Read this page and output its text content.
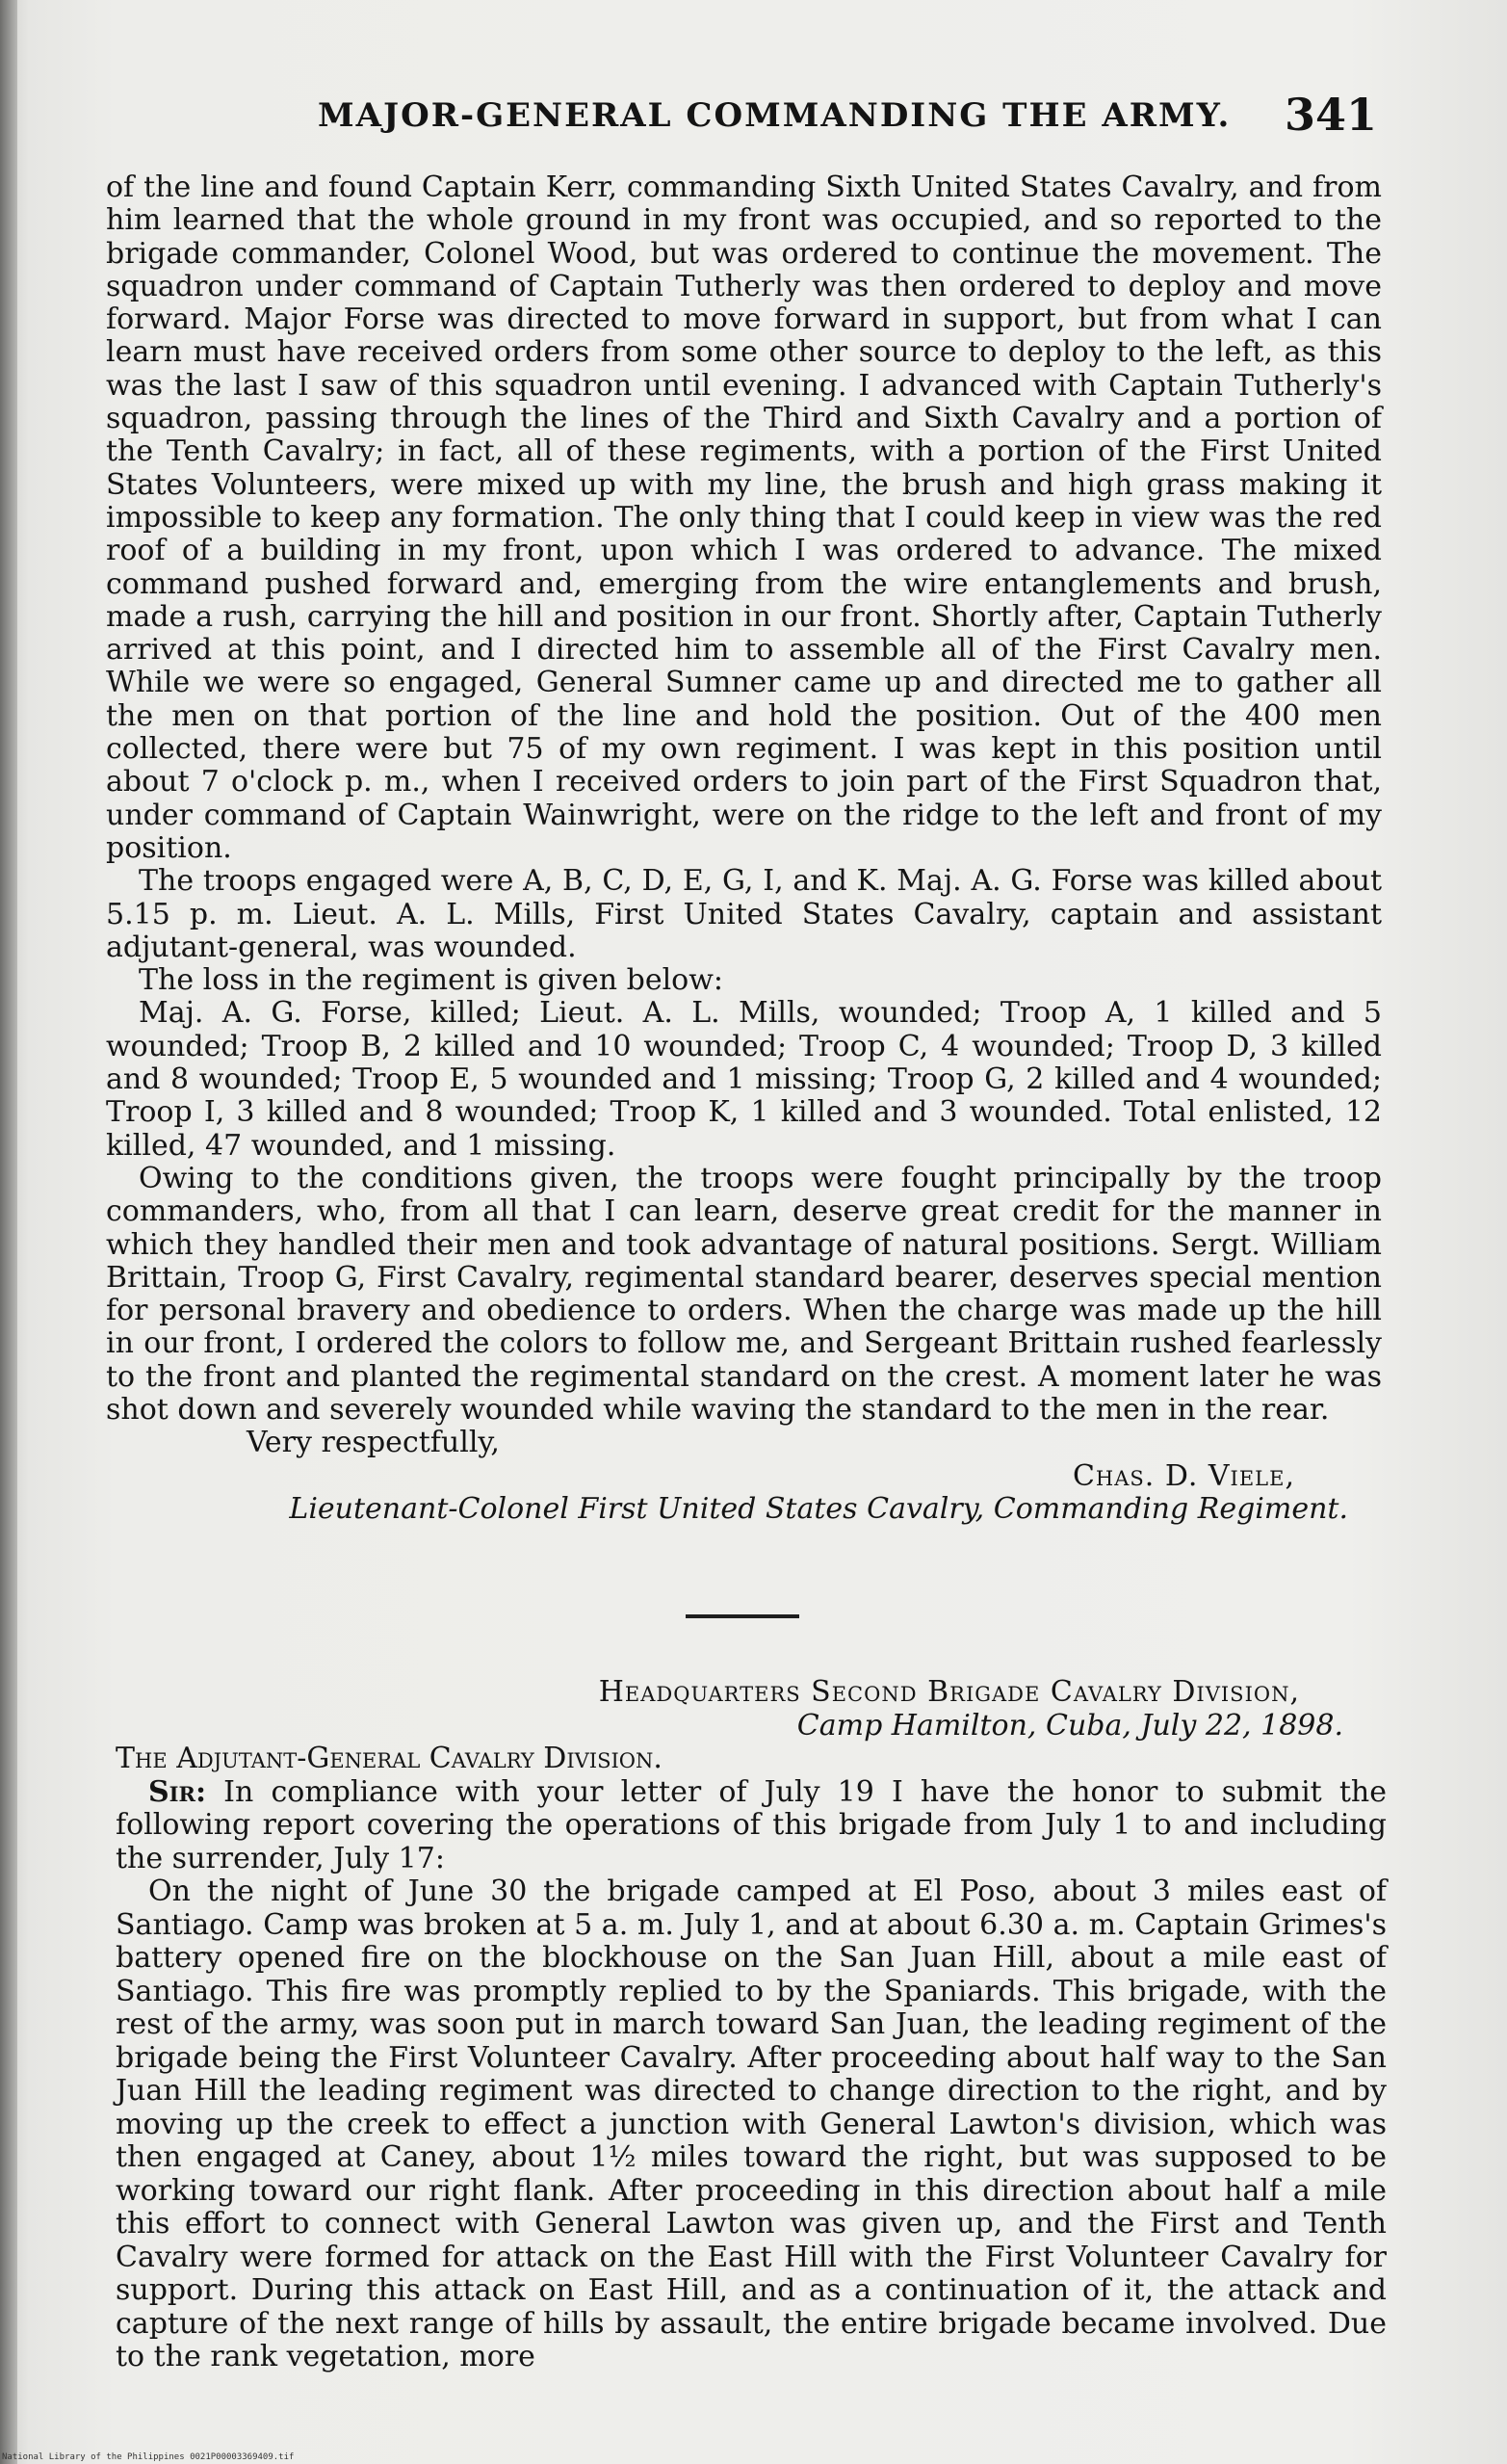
MAJOR-GENERAL COMMANDING THE ARMY. 341

of the line and found Captain Kerr, commanding Sixth United States Cavalry, and from him learned that the whole ground in my front was occupied, and so reported to the brigade commander, Colonel Wood, but was ordered to continue the movement. The squadron under command of Captain Tutherly was then ordered to deploy and move forward. Major Forse was directed to move forward in support, but from what I can learn must have received orders from some other source to deploy to the left, as this was the last I saw of this squadron until evening. I advanced with Captain Tutherly's squadron, passing through the lines of the Third and Sixth Cavalry and a portion of the Tenth Cavalry; in fact, all of these regiments, with a portion of the First United States Volunteers, were mixed up with my line, the brush and high grass making it impossible to keep any formation. The only thing that I could keep in view was the red roof of a building in my front, upon which I was ordered to advance. The mixed command pushed forward and, emerging from the wire entanglements and brush, made a rush, carrying the hill and position in our front. Shortly after, Captain Tutherly arrived at this point, and I directed him to assemble all of the First Cavalry men. While we were so engaged, General Sumner came up and directed me to gather all the men on that portion of the line and hold the position. Out of the 400 men collected, there were but 75 of my own regiment. I was kept in this position until about 7 o'clock p. m., when I received orders to join part of the First Squadron that, under command of Captain Wainwright, were on the ridge to the left and front of my position.

The troops engaged were A, B, C, D, E, G, I, and K. Maj. A. G. Forse was killed about 5.15 p. m. Lieut. A. L. Mills, First United States Cavalry, captain and assistant adjutant-general, was wounded.

The loss in the regiment is given below:

Maj. A. G. Forse, killed; Lieut. A. L. Mills, wounded; Troop A, 1 killed and 5 wounded; Troop B, 2 killed and 10 wounded; Troop C, 4 wounded; Troop D, 3 killed and 8 wounded; Troop E, 5 wounded and 1 missing; Troop G, 2 killed and 4 wounded; Troop I, 3 killed and 8 wounded; Troop K, 1 killed and 3 wounded. Total enlisted, 12 killed, 47 wounded, and 1 missing.

Owing to the conditions given, the troops were fought principally by the troop commanders, who, from all that I can learn, deserve great credit for the manner in which they handled their men and took advantage of natural positions. Sergt. William Brittain, Troop G, First Cavalry, regimental standard bearer, deserves special mention for personal bravery and obedience to orders. When the charge was made up the hill in our front, I ordered the colors to follow me, and Sergeant Brittain rushed fearlessly to the front and planted the regimental standard on the crest. A moment later he was shot down and severely wounded while waving the standard to the men in the rear.

Very respectfully,

Chas. D. Viele,

Lieutenant-Colonel First United States Cavalry, Commanding Regiment.

Headquarters Second Brigade Cavalry Division,

Camp Hamilton, Cuba, July 22, 1898.

The Adjutant-General Cavalry Division.

Sir: In compliance with your letter of July 19 I have the honor to submit the following report covering the operations of this brigade from July 1 to and including the surrender, July 17:

On the night of June 30 the brigade camped at El Poso, about 3 miles east of Santiago. Camp was broken at 5 a. m. July 1, and at about 6.30 a. m. Captain Grimes's battery opened fire on the blockhouse on the San Juan Hill, about a mile east of Santiago. This fire was promptly replied to by the Spaniards. This brigade, with the rest of the army, was soon put in march toward San Juan, the leading regiment of the brigade being the First Volunteer Cavalry. After proceeding about half way to the San Juan Hill the leading regiment was directed to change direction to the right, and by moving up the creek to effect a junction with General Lawton's division, which was then engaged at Caney, about 1½ miles toward the right, but was supposed to be working toward our right flank. After proceeding in this direction about half a mile this effort to connect with General Lawton was given up, and the First and Tenth Cavalry were formed for attack on the East Hill with the First Volunteer Cavalry for support. During this attack on East Hill, and as a continuation of it, the attack and capture of the next range of hills by assault, the entire brigade became involved. Due to the rank vegetation, more

National Library of the Philippines 0021P00003369409.tif
